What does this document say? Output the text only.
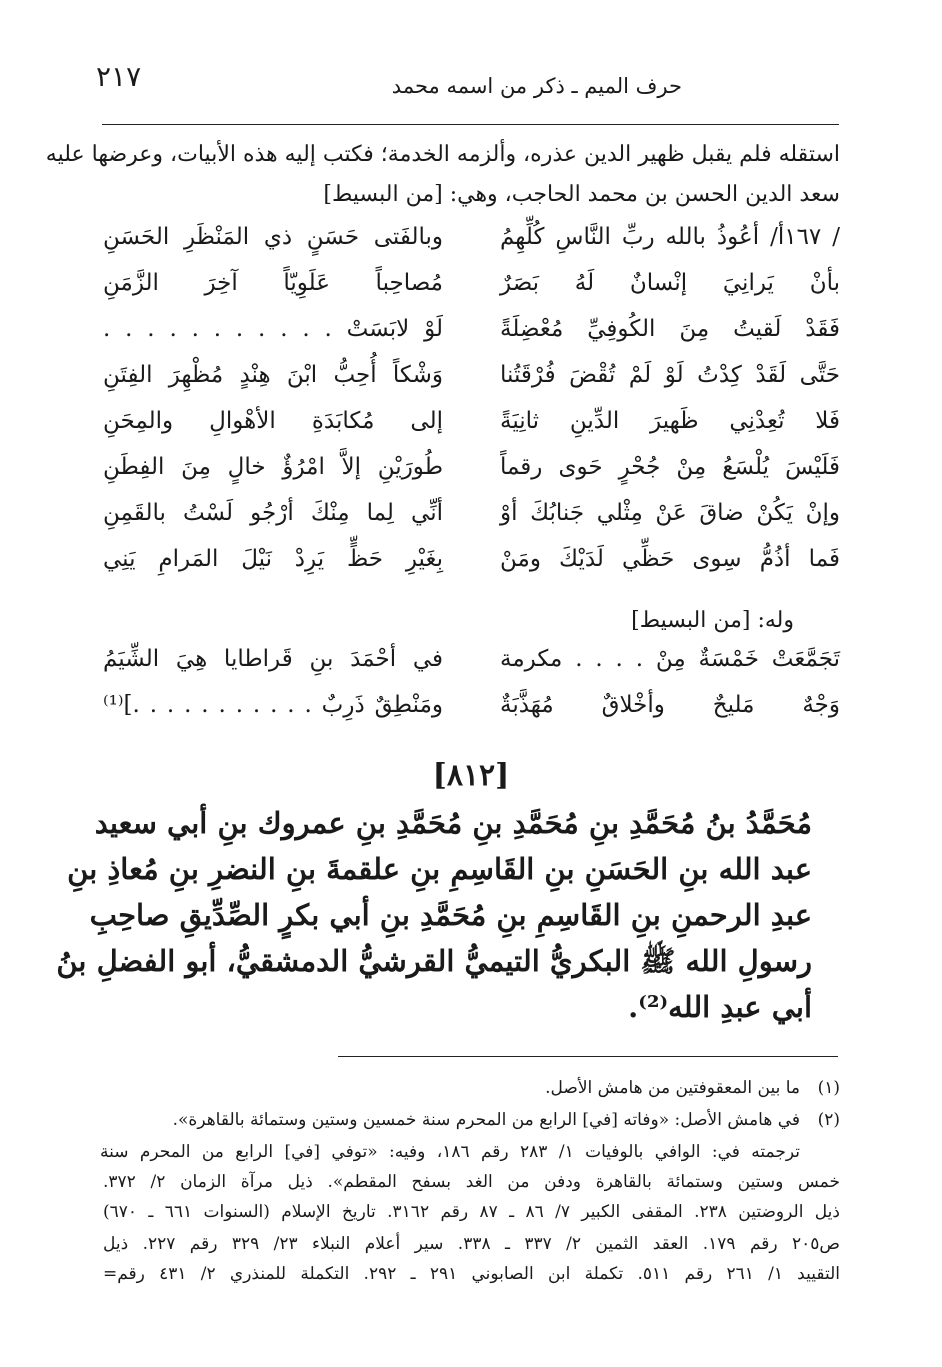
٢١٧	حرف الميم ـ ذكر من اسمه محمد
استقله فلم يقبل ظهير الدين عذره، وألزمه الخدمة؛ فكتب إليه هذه الأبيات، وعرضها عليه
سعد الدين الحسن بن محمد الحاجب، وهي: [من البسيط]
/ ١٦٧أ/ أعُوذُ بالله ربِّ النَّاسِ كُلِّهِمُ
وبالفَتى حَسَنٍ ذي المَنْظَرِ الحَسَنِ
بأنْ يَرانِيَ إنْسانٌ لَهُ بَصَرٌ
مُصاحِباً عَلَوِيّاً آخِرَ الزَّمَنِ
فَقَدْ لَقيتُ مِنَ الكُوفِيِّ مُعْضِلَةً
لَوْ لابَسَتْ . . . . . . . . . . .
حَتَّى لَقَدْ كِدْتُ لَوْ لَمْ تُقْضَ فُرْقَتُنا
وَشْكاً أُحِبُّ ابْنَ هِنْدٍ مُظْهِرَ الفِتَنِ
فَلا تُعِدْنِي ظَهيرَ الدِّينِ ثانِيَةً
إلى مُكابَدَةِ الأهْوالِ والمِحَنِ
فَلَيْسَ يُلْسَعُ مِنْ جُحْرٍ حَوى رقماً
طُورَيْنِ إلاَّ امْرُؤٌ خالٍ مِنَ الفِطَنِ
وإنْ يَكُنْ ضاقَ عَنْ مِثْلي جَنابُكَ أوْ
أنِّي لِما مِنْكَ أرْجُو لَسْتُ بالقَمِنِ
فَما أذُمُّ سِوى حَظِّي لَدَيْكَ ومَنْ
بِغَيْرِ حَظٍّ يَرِدْ نَيْلَ المَرامِ يَنِي
وله: [من البسيط]
تَجَمَّعَتْ خَمْسَةٌ مِنْ . . . . مكرمة
في أحْمَدَ بنِ قَراطايا هِيَ الشِّيَمُ
وَجْهٌ مَليحٌ وأخْلاقٌ مُهَذَّبَةٌ
ومَنْطِقٌ ذَرِبٌ . . . . . . . . . . .]⁽¹⁾
[٨١٢]
مُحَمَّدُ بنُ مُحَمَّدِ بنِ مُحَمَّدِ بنِ مُحَمَّدِ بنِ عمروك بنِ أبي سعيد
عبد الله بنِ الحَسَنِ بنِ القَاسِمِ بنِ علقمةَ بنِ النضرِ بنِ مُعاذِ بنِ
عبدِ الرحمنِ بنِ القَاسِمِ بنِ مُحَمَّدِ بنِ أبي بكرٍ الصِّدِّيقِ صاحِبِ
رسولِ الله ﷺ البكريُّ التيميُّ القرشيُّ الدمشقيُّ، أبو الفضلِ بنُ
أبي عبدِ الله⁽²⁾.
(١)
ما بين المعقوفتين من هامش الأصل.
(٢)
في هامش الأصل: «وفاته [في] الرابع من المحرم سنة خمسين وستين وستمائة بالقاهرة».
ترجمته في: الوافي بالوفيات ١/ ٢٨٣ رقم ١٨٦، وفيه: «توفي [في] الرابع من المحرم سنة
خمس وستين وستمائة بالقاهرة ودفن من الغد بسفح المقطم». ذيل مرآة الزمان ٢/ ٣٧٢.
ذيل الروضتين ٢٣٨. المقفى الكبير ٧/ ٨٦ ـ ٨٧ رقم ٣١٦٢. تاريخ الإسلام (السنوات ٦٦١ ـ ٦٧٠)
ص٢٠٥ رقم ١٧٩. العقد الثمين ٢/ ٣٣٧ ـ ٣٣٨. سير أعلام النبلاء ٢٣/ ٣٢٩ رقم ٢٢٧. ذيل
التقييد ١/ ٢٦١ رقم ٥١١. تكملة ابن الصابوني ٢٩١ ـ ٢٩٢. التكملة للمنذري ٢/ ٤٣١ رقم=
